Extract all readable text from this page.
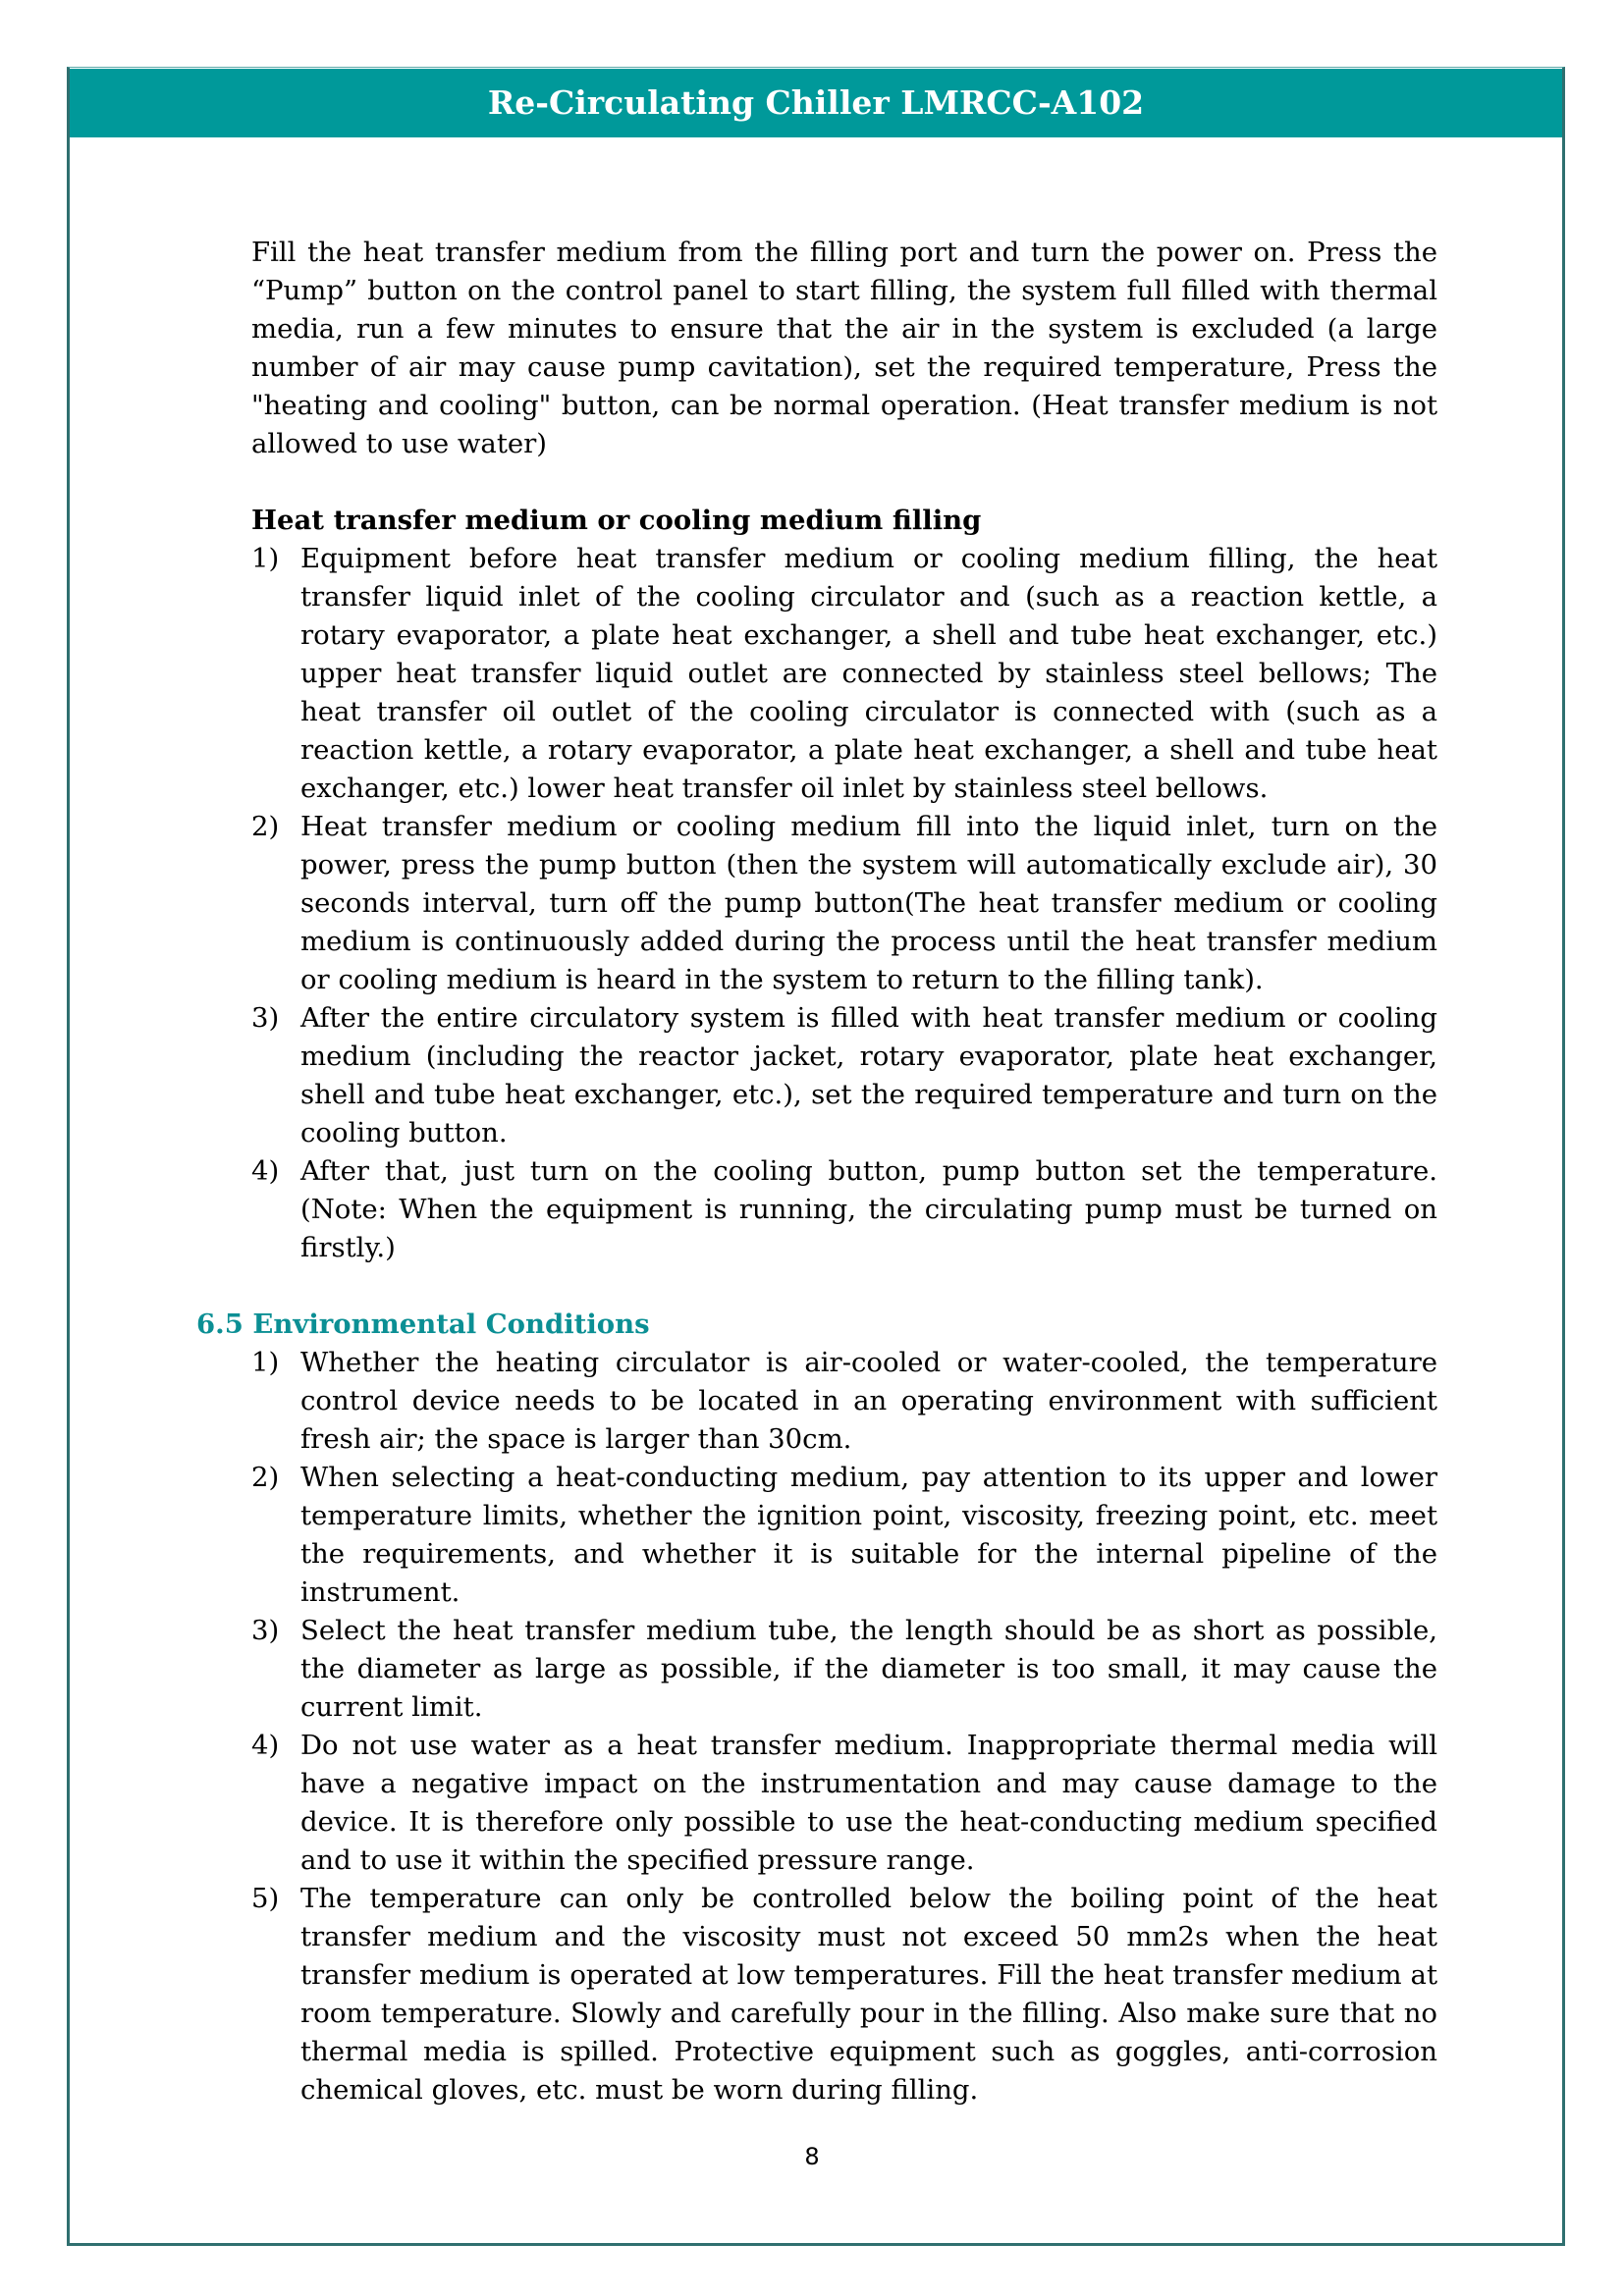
Re-Circulating Chiller LMRCC-A102

Fill the heat transfer medium from the filling port and turn the power on. Press the “Pump” button on the control panel to start filling, the system full filled with thermal media, run a few minutes to ensure that the air in the system is excluded (a large number of air may cause pump cavitation), set the required temperature, Press the "heating and cooling" button, can be normal operation. (Heat transfer medium is not allowed to use water)

Heat transfer medium or cooling medium filling
1) Equipment before heat transfer medium or cooling medium filling, the heat transfer liquid inlet of the cooling circulator and (such as a reaction kettle, a rotary evaporator, a plate heat exchanger, a shell and tube heat exchanger, etc.) upper heat transfer liquid outlet are connected by stainless steel bellows; The heat transfer oil outlet of the cooling circulator is connected with (such as a reaction kettle, a rotary evaporator, a plate heat exchanger, a shell and tube heat exchanger, etc.) lower heat transfer oil inlet by stainless steel bellows.
2) Heat transfer medium or cooling medium fill into the liquid inlet, turn on the power, press the pump button (then the system will automatically exclude air), 30 seconds interval, turn off the pump button(The heat transfer medium or cooling medium is continuously added during the process until the heat transfer medium or cooling medium is heard in the system to return to the filling tank).
3) After the entire circulatory system is filled with heat transfer medium or cooling medium (including the reactor jacket, rotary evaporator, plate heat exchanger, shell and tube heat exchanger, etc.), set the required temperature and turn on the cooling button.
4) After that, just turn on the cooling button, pump button set the temperature. (Note: When the equipment is running, the circulating pump must be turned on firstly.)
6.5 Environmental Conditions
1) Whether the heating circulator is air-cooled or water-cooled, the temperature control device needs to be located in an operating environment with sufficient fresh air; the space is larger than 30cm.
2) When selecting a heat-conducting medium, pay attention to its upper and lower temperature limits, whether the ignition point, viscosity, freezing point, etc. meet the requirements, and whether it is suitable for the internal pipeline of the instrument.
3) Select the heat transfer medium tube, the length should be as short as possible, the diameter as large as possible, if the diameter is too small, it may cause the current limit.
4) Do not use water as a heat transfer medium. Inappropriate thermal media will have a negative impact on the instrumentation and may cause damage to the device. It is therefore only possible to use the heat-conducting medium specified and to use it within the specified pressure range.
5) The temperature can only be controlled below the boiling point of the heat transfer medium and the viscosity must not exceed 50 mm2s when the heat transfer medium is operated at low temperatures. Fill the heat transfer medium at room temperature. Slowly and carefully pour in the filling. Also make sure that no thermal media is spilled. Protective equipment such as goggles, anti-corrosion chemical gloves, etc. must be worn during filling.
8
